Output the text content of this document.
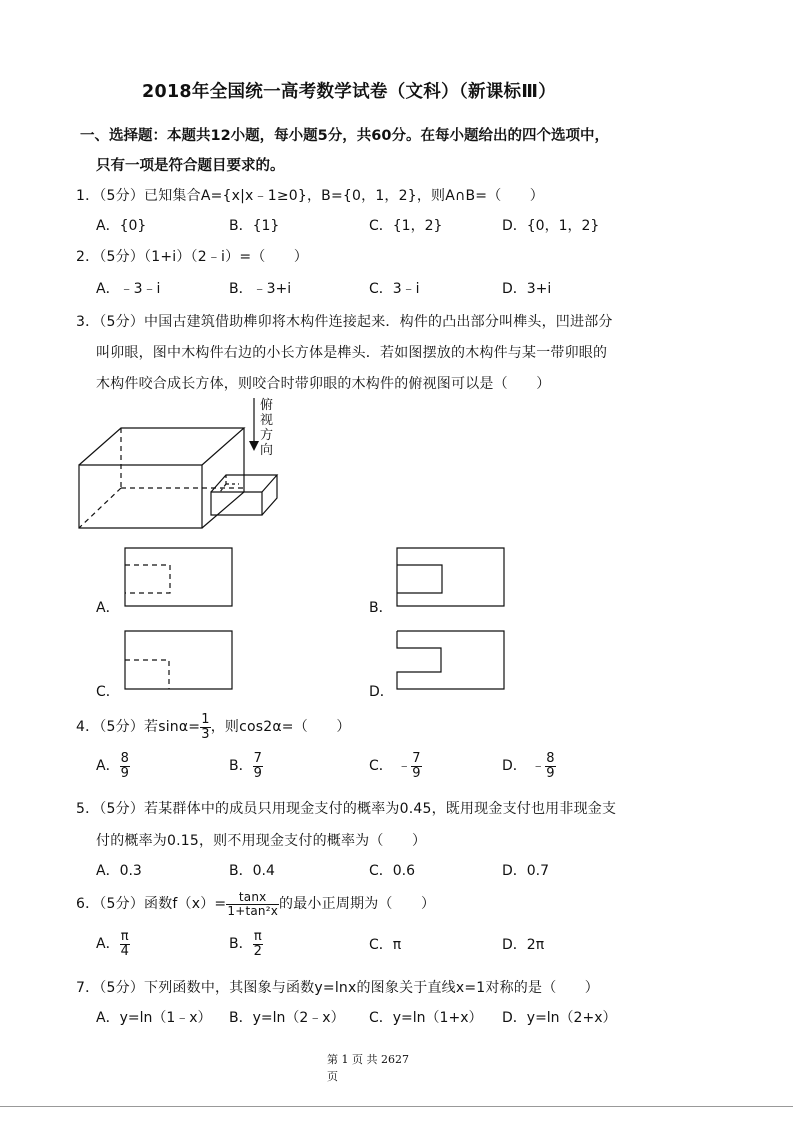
2018年全国统一高考数学试卷（文科）（新课标Ⅲ）
一、选择题：本题共12小题，每小题5分，共60分。在每小题给出的四个选项中，
只有一项是符合题目要求的。
1．（5分）已知集合A={x|x﹣1≥0}，B={0，1，2}，则A∩B=（　　）
A．{0}	B．{1}	C．{1，2}	D．{0，1，2}
2．（5分）（1+i）（2﹣i）=（　　）
A．﹣3﹣i	B．﹣3+i	C．3﹣i	D．3+i
3．（5分）中国古建筑借助榫卯将木构件连接起来．构件的凸出部分叫榫头，凹进部分
叫卯眼，图中木构件右边的小长方体是榫头．若如图摆放的木构件与某一带卯眼的
木构件咬合成长方体，则咬合时带卯眼的木构件的俯视图可以是（　　）
俯
视
方
向
A．	B．
C．	D．
4．（5分）若$\sin\alpha= \frac{1}{3}$ ，则cos2α=（　　）
A． $\frac{8}{9}$	B． $\frac{7}{9}$	C． ﹣ $\frac{7}{9}$	D． ﹣ $\frac{8}{9}$
5．（5分）若某群体中的成员只用现金支付的概率为0.45，既用现金支付也用非现金支
付的概率为0.15，则不用现金支付的概率为（　　）
A．0.3	B．0.4	C．0.6	D．0.7
6．（5分）函数$f(x)= \frac{\tan x}{\text{1+tan²x}}$ 的最小正周期为（　　）
A． $\frac{\pi}{4}$	B． $\frac{\pi}{2}$	C．π	D．2π
7．（5分）下列函数中，其图象与函数y=lnx的图象关于直线x=1对称的是（　　）
A．y=ln（1﹣x） B．y=ln（2﹣x） C．y=ln（1+x） D．y=ln（2+x）
第 1 页 共 2627
页
